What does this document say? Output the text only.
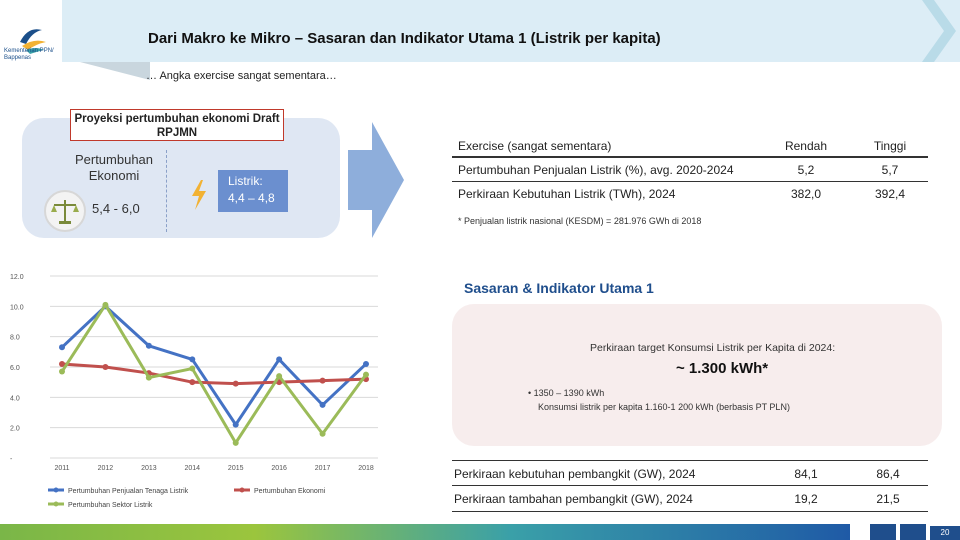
Kementerian PPN/ Bappenas
Dari Makro ke Mikro – Sasaran dan Indikator Utama 1 (Listrik per kapita)
… Angka exercise sangat sementara…
Proyeksi pertumbuhan ekonomi Draft RPJMN
Pertumbuhan Ekonomi
5,4 - 6,0
Listrik:
4,4 – 4,8
Exercise (sangat sementara)	Rendah	Tinggi
Pertumbuhan Penjualan Listrik (%), avg. 2020-2024	5,2	5,7
Perkiraan Kebutuhan Listrik (TWh), 2024	382,0	392,4
* Penjualan listrik nasional (KESDM) = 281.976 GWh di 2018
12.0
10.0
8.0
6.0
4.0
2.0
-
2011	2012	2013	2014	2015	2016	2017	2018
Pertumbuhan Penjualan Tenaga Listrik	Pertumbuhan Ekonomi
Pertumbuhan Sektor Listrik
Sasaran & Indikator Utama 1
Perkiraan target Konsumsi Listrik per Kapita di 2024:
~ 1.300 kWh*
• 1350 – 1390 kWh
Konsumsi listrik per kapita 1.160-1 200 kWh (berbasis PT PLN)
Perkiraan kebutuhan pembangkit (GW), 2024	84,1	86,4
Perkiraan tambahan pembangkit (GW), 2024	19,2	21,5
20
